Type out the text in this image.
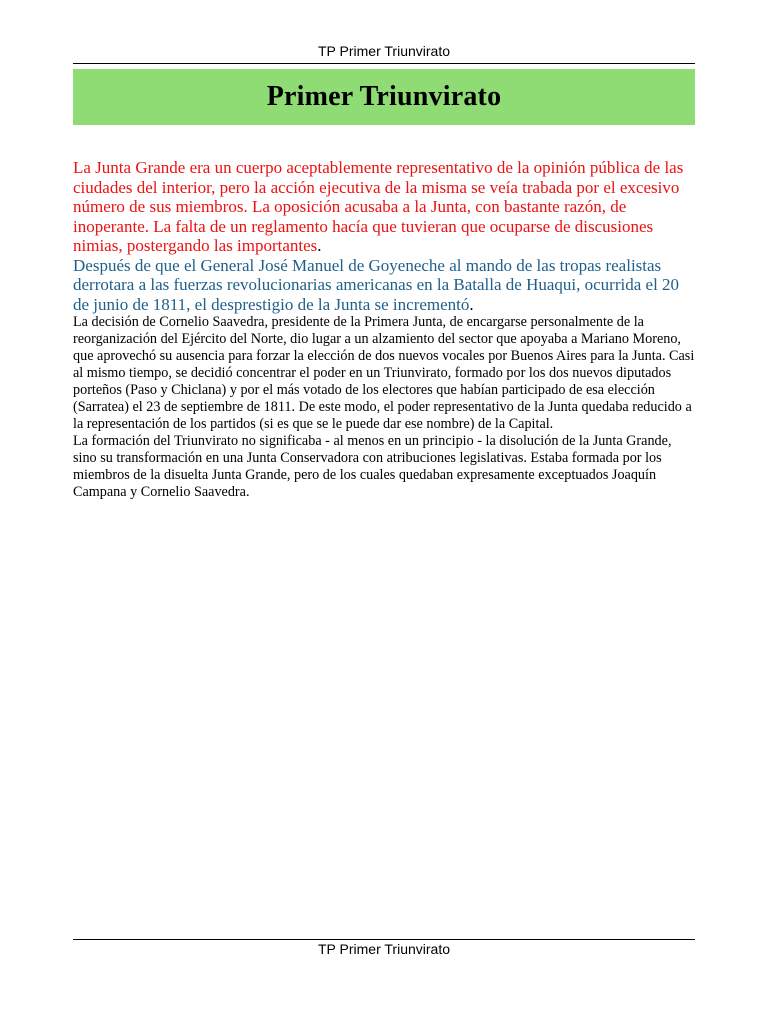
TP Primer Triunvirato
Primer Triunvirato

La Junta Grande era un cuerpo aceptablemente representativo de la opinión pública de las ciudades del interior, pero la acción ejecutiva de la misma se veía trabada por el excesivo número de sus miembros. La oposición acusaba a la Junta, con bastante razón, de inoperante. La falta de un reglamento hacía que tuvieran que ocuparse de discusiones nimias, postergando las importantes.

Después de que el General José Manuel de Goyeneche al mando de las tropas realistas derrotara a las fuerzas revolucionarias americanas en la Batalla de Huaqui, ocurrida el 20 de junio de 1811, el desprestigio de la Junta se incrementó.

La decisión de Cornelio Saavedra, presidente de la Primera Junta, de encargarse personalmente de la reorganización del Ejército del Norte, dio lugar a un alzamiento del sector que apoyaba a Mariano Moreno, que aprovechó su ausencia para forzar la elección de dos nuevos vocales por Buenos Aires para la Junta. Casi al mismo tiempo, se decidió concentrar el poder en un Triunvirato, formado por los dos nuevos diputados porteños (Paso y Chiclana) y por el más votado de los electores que habían participado de esa elección (Sarratea) el 23 de septiembre de 1811. De este modo, el poder representativo de la Junta quedaba reducido a la representación de los partidos (si es que se le puede dar ese nombre) de la Capital.

La formación del Triunvirato no significaba - al menos en un principio - la disolución de la Junta Grande, sino su transformación en una Junta Conservadora con atribuciones legislativas. Estaba formada por los miembros de la disuelta Junta Grande, pero de los cuales quedaban expresamente exceptuados Joaquín Campana y Cornelio Saavedra.

TP Primer Triunvirato
